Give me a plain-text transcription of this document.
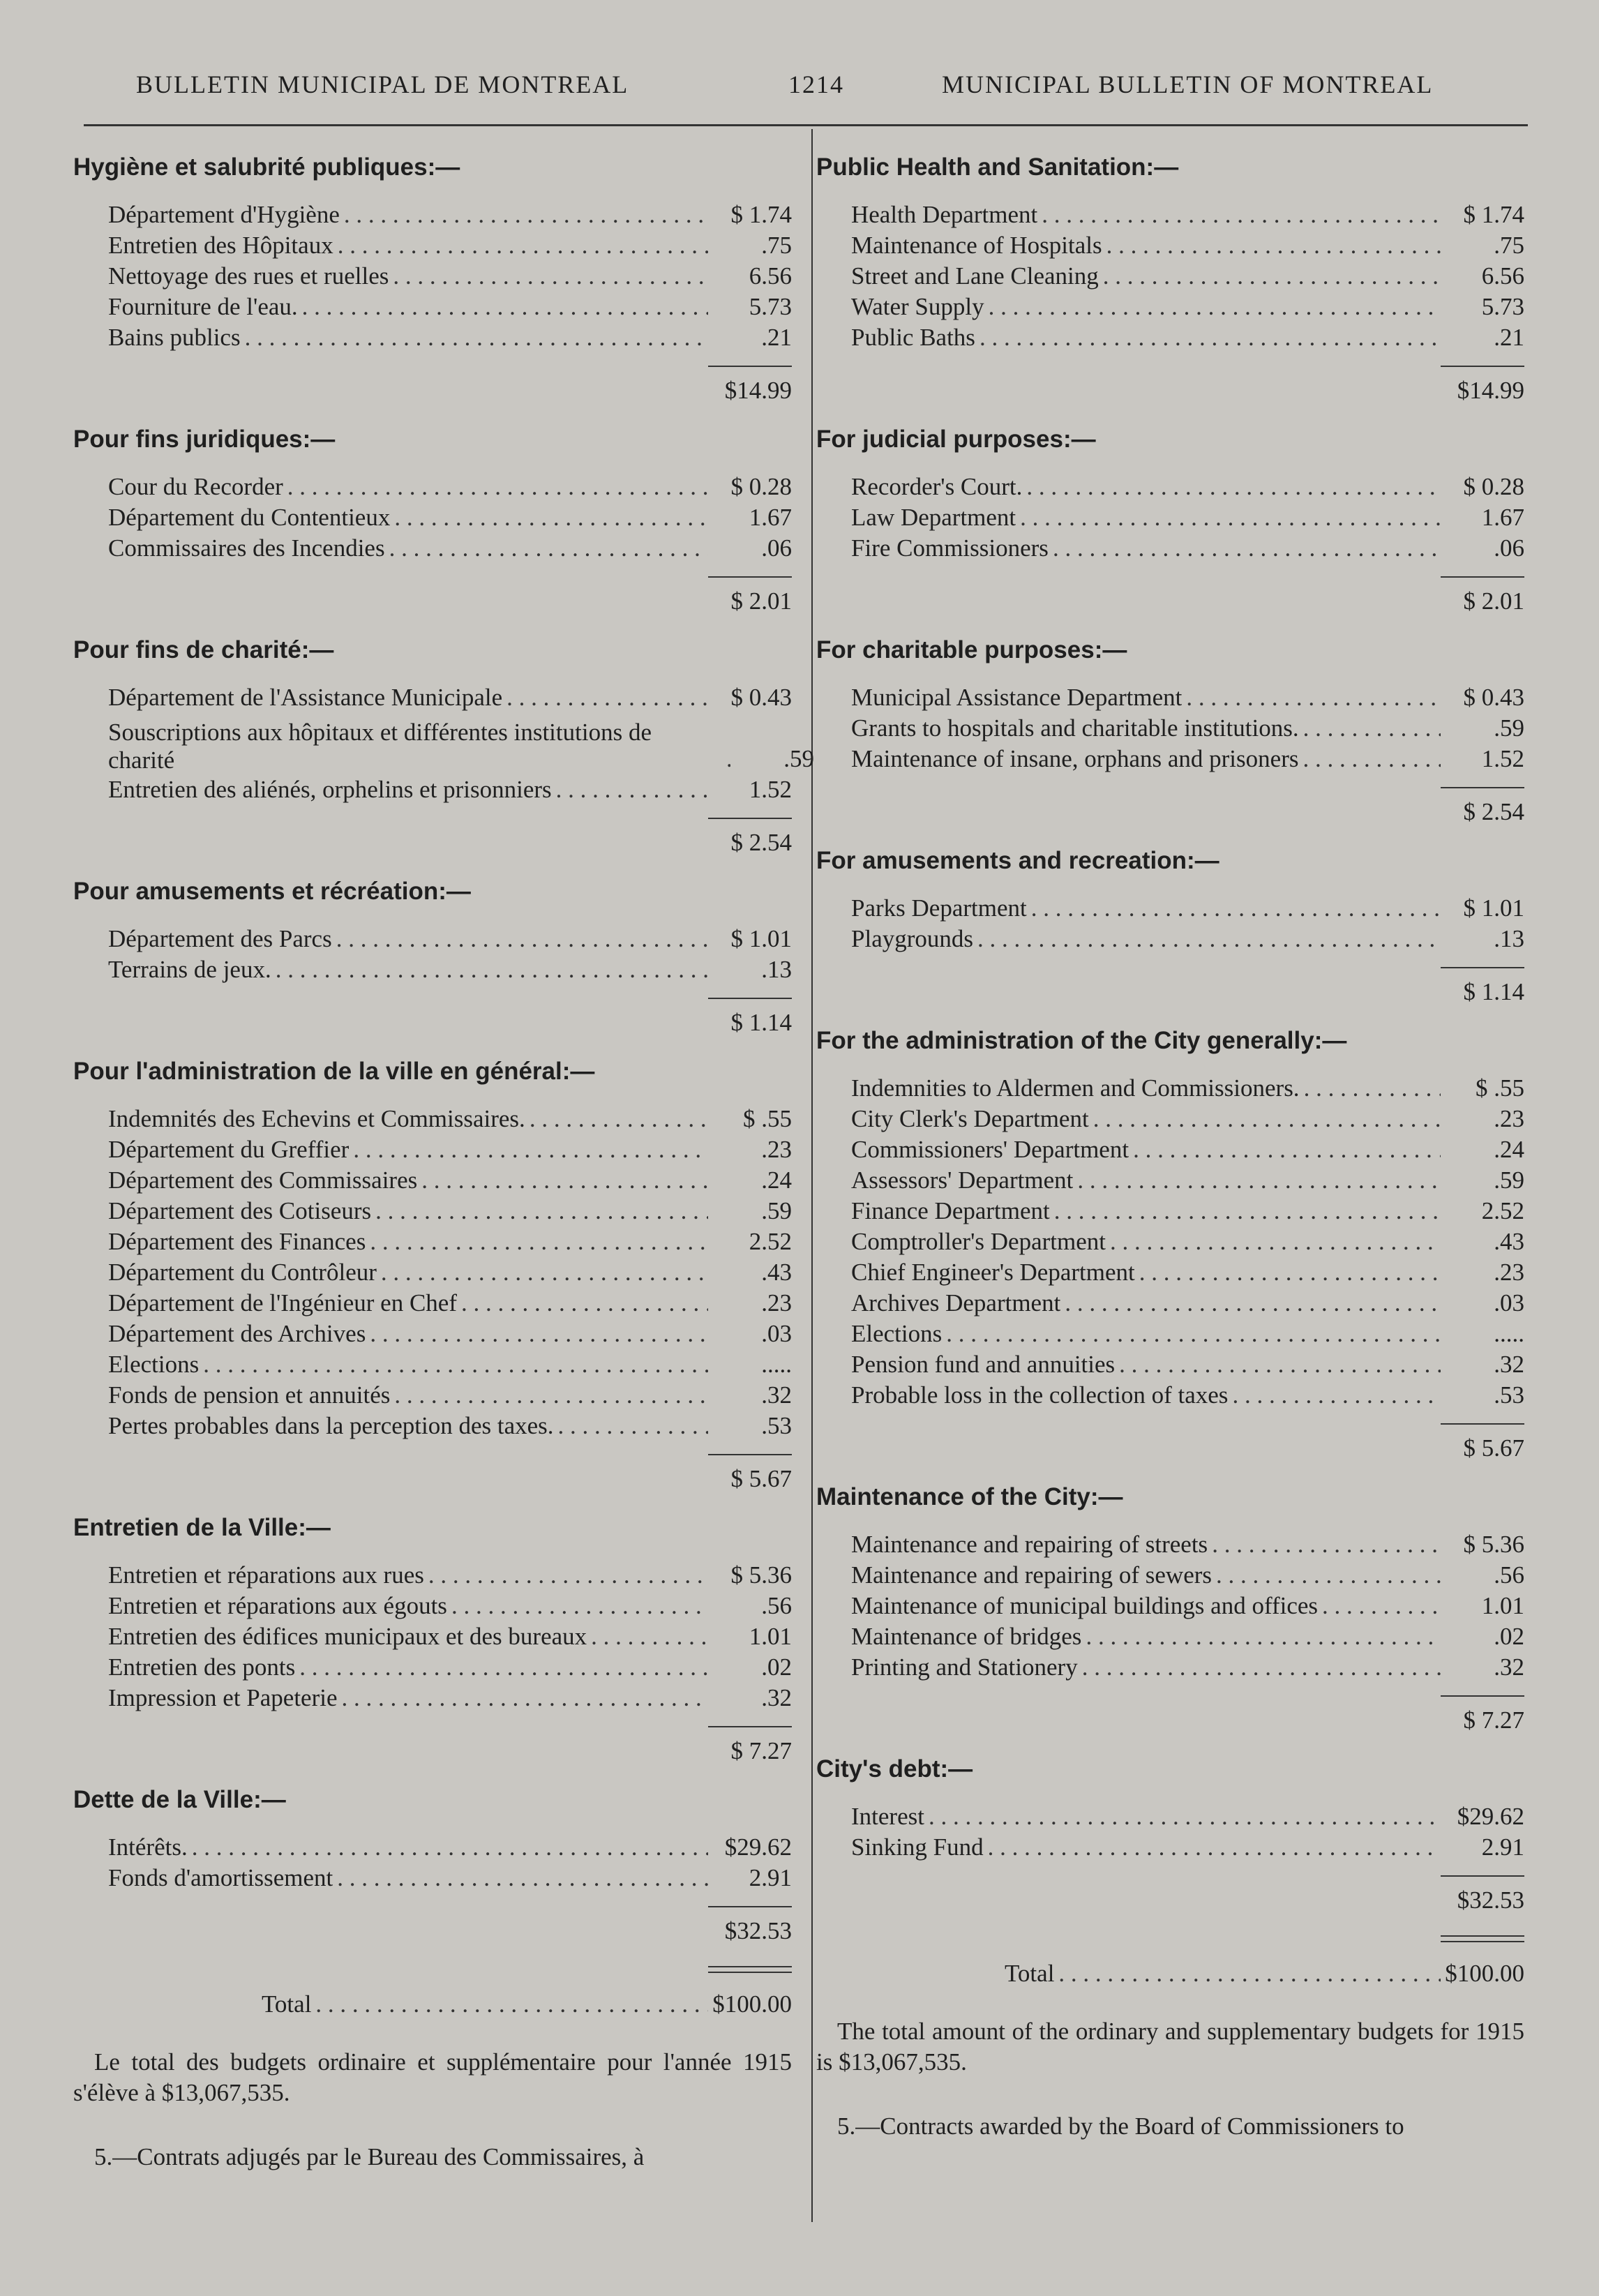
BULLETIN MUNICIPAL DE MONTREAL	1214	MUNICIPAL BULLETIN OF MONTREAL
Hygiène et salubrité publiques:—
Département d'Hygiène . . .	$ 1.74
Entretien des Hôpitaux . . .	.75
Nettoyage des rues et ruelles . . .	6.56
Fourniture de l'eau. . . .	5.73
Bains publics . . .	.21
$14.99
Pour fins juridiques:—
Cour du Recorder . . .	$ 0.28
Département du Contentieux . . .	1.67
Commissaires des Incendies . . .	.06
$ 2.01
Pour fins de charité:—
Département de l'Assistance Municipale . . .	$ 0.43
Souscriptions aux hôpitaux et différentes institutions de charité . . .	.59
Entretien des aliénés, orphelins et prisonniers . . .	1.52
$ 2.54
Pour amusements et récréation:—
Département des Parcs . . .	$ 1.01
Terrains de jeux. . . .	.13
$ 1.14
Pour l'administration de la ville en général:—
Indemnités des Echevins et Commissaires. . . .	$ .55
Département du Greffier . . .	.23
Département des Commissaires . . .	.24
Département des Cotiseurs . . .	.59
Département des Finances . . .	2.52
Département du Contrôleur . . .	.43
Département de l'Ingénieur en Chef . . .	.23
Département des Archives . . .	.03
Elections . . .	.....
Fonds de pension et annuités . . .	.32
Pertes probables dans la perception des taxes. . . .	.53
$ 5.67
Entretien de la Ville:—
Entretien et réparations aux rues . . .	$ 5.36
Entretien et réparations aux égouts . . .	.56
Entretien des édifices municipaux et des bureaux . . .	1.01
Entretien des ponts . . .	.02
Impression et Papeterie . . .	.32
$ 7.27
Dette de la Ville:—
Intérêts. . . .	$29.62
Fonds d'amortissement . . .	2.91
$32.53
Total . . .	$100.00
Le total des budgets ordinaire et supplémentaire pour l'année 1915 s'élève à $13,067,535.
5.—Contrats adjugés par le Bureau des Commissaires, à
Public Health and Sanitation:—
Health Department . . .	$ 1.74
Maintenance of Hospitals . . .	.75
Street and Lane Cleaning . . .	6.56
Water Supply . . .	5.73
Public Baths . . .	.21
$14.99
For judicial purposes:—
Recorder's Court. . . .	$ 0.28
Law Department . . .	1.67
Fire Commissioners . . .	.06
$ 2.01
For charitable purposes:—
Municipal Assistance Department . . .	$ 0.43
Grants to hospitals and charitable institutions. . . .	.59
Maintenance of insane, orphans and prisoners . . .	1.52
$ 2.54
For amusements and recreation:—
Parks Department . . .	$ 1.01
Playgrounds . . .	.13
$ 1.14
For the administration of the City generally:—
Indemnities to Aldermen and Commissioners. . . .	$ .55
City Clerk's Department . . .	.23
Commissioners' Department . . .	.24
Assessors' Department . . .	.59
Finance Department . . .	2.52
Comptroller's Department . . .	.43
Chief Engineer's Department . . .	.23
Archives Department . . .	.03
Elections . . .	.....
Pension fund and annuities . . .	.32
Probable loss in the collection of taxes . . .	.53
$ 5.67
Maintenance of the City:—
Maintenance and repairing of streets . . .	$ 5.36
Maintenance and repairing of sewers . . .	.56
Maintenance of municipal buildings and offices . . .	1.01
Maintenance of bridges . . .	.02
Printing and Stationery . . .	.32
$ 7.27
City's debt:—
Interest . . .	$29.62
Sinking Fund . . .	2.91
$32.53
Total . . .	$100.00
The total amount of the ordinary and supplementary budgets for 1915 is $13,067,535.
5.—Contracts awarded by the Board of Commissioners to
